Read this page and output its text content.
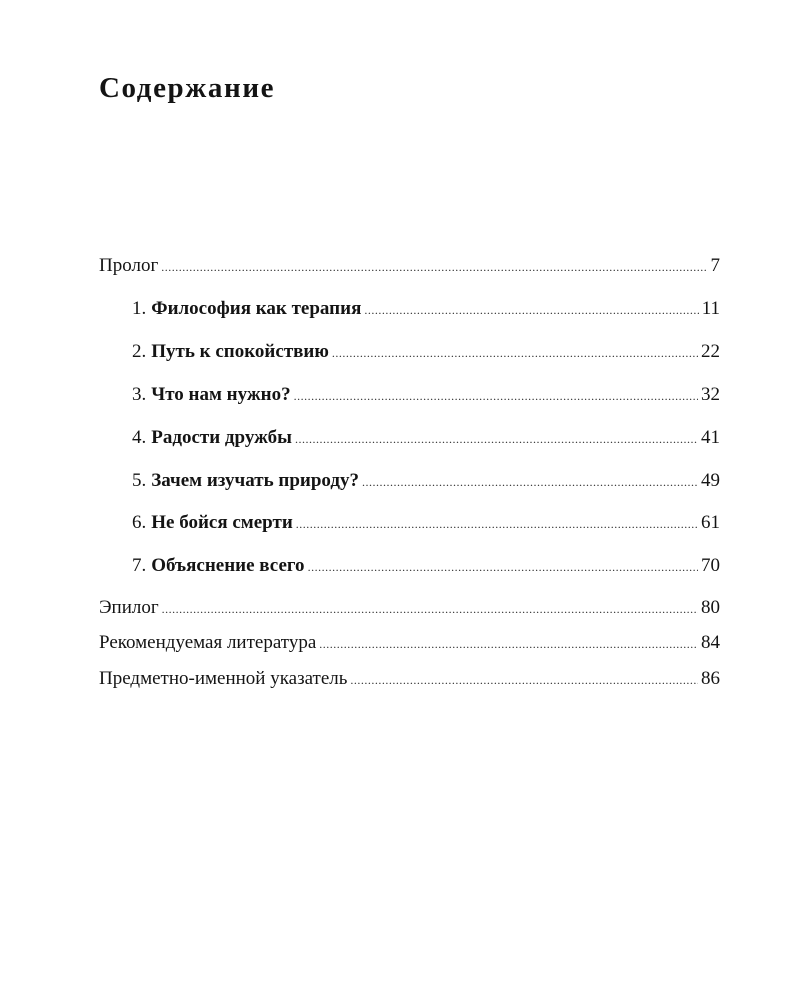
Содержание
Пролог .....	7
1. Философия как терапия .....	11
2. Путь к спокойствию .....	22
3. Что нам нужно? .....	32
4. Радости дружбы .....	41
5. Зачем изучать природу? .....	49
6. Не бойся смерти .....	61
7. Объяснение всего .....	70
Эпилог .....	80
Рекомендуемая литература .....	84
Предметно-именной указатель .....	86
